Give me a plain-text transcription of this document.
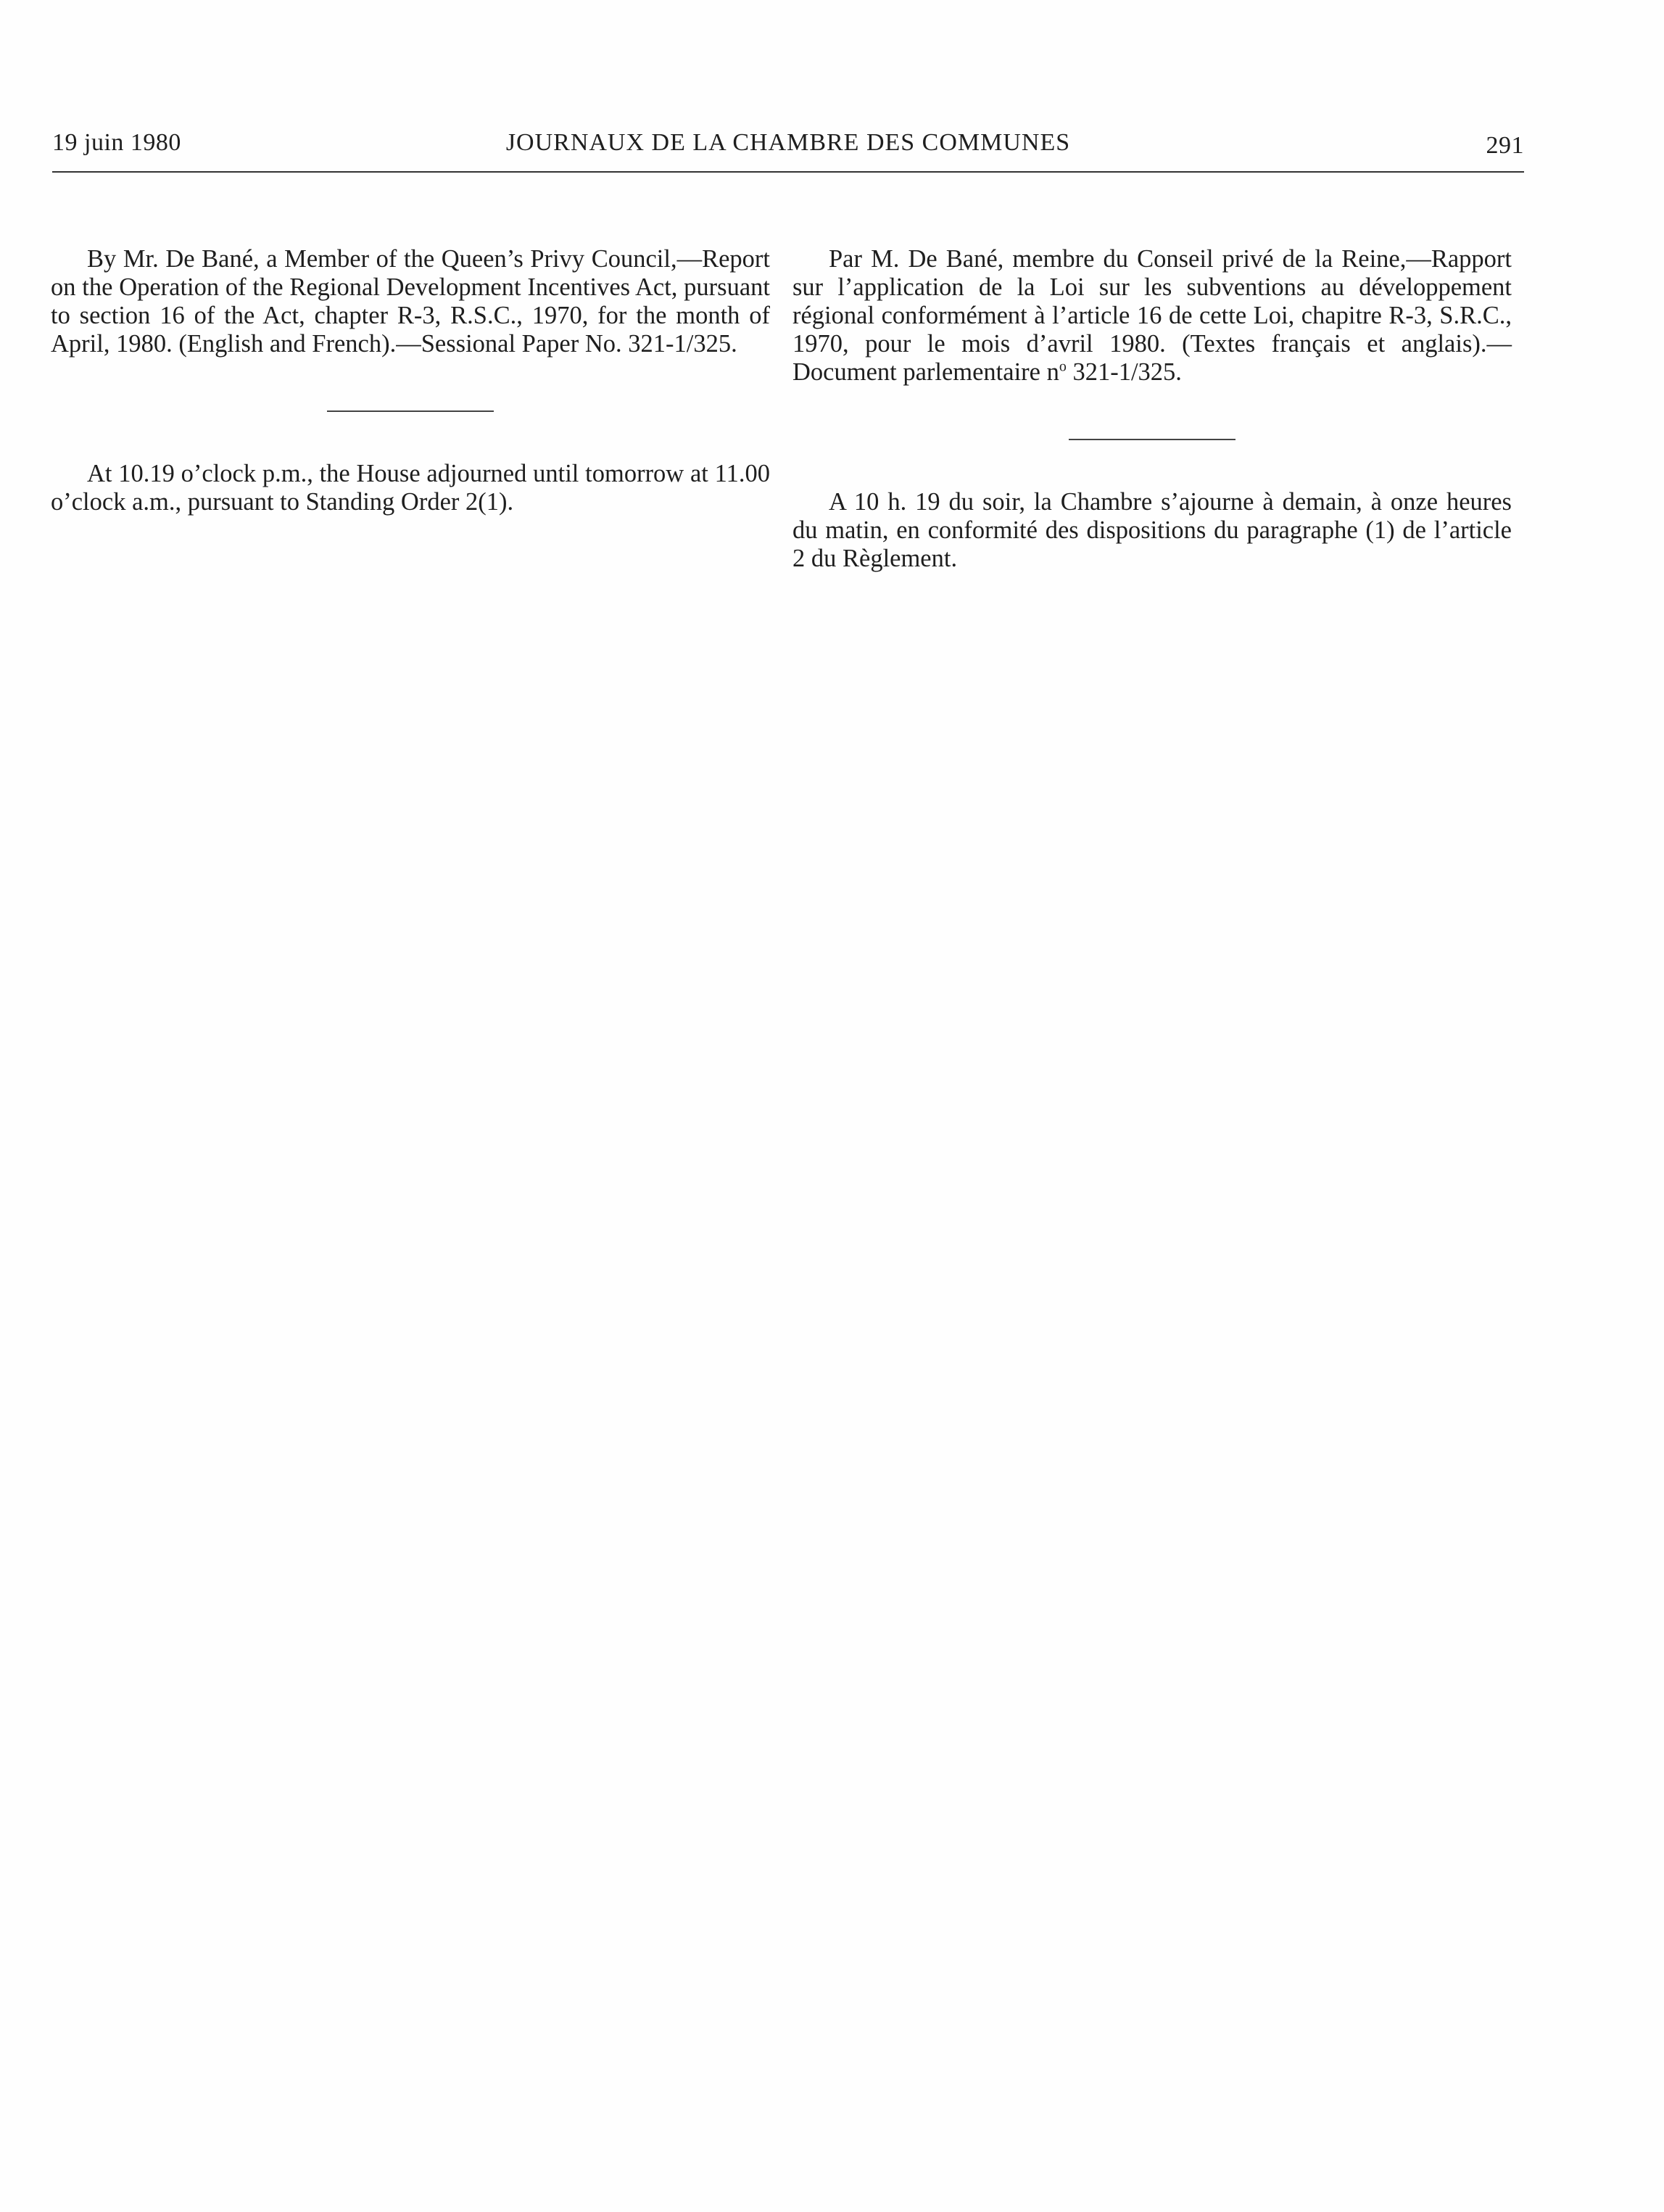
19 juin 1980	JOURNAUX DE LA CHAMBRE DES COMMUNES	291

By Mr. De Bané, a Member of the Queen’s Privy Council,—Report on the Operation of the Regional Development Incentives Act, pursuant to section 16 of the Act, chapter R-3, R.S.C., 1970, for the month of April, 1980. (English and French).—Sessional Paper No. 321-1/325.

At 10.19 o’clock p.m., the House adjourned until tomorrow at 11.00 o’clock a.m., pursuant to Standing Order 2(1).

Par M. De Bané, membre du Conseil privé de la Reine,—Rapport sur l’application de la Loi sur les subventions au développement régional conformément à l’article 16 de cette Loi, chapitre R-3, S.R.C., 1970, pour le mois d’avril 1980. (Textes français et anglais).—Document parlementaire $n^o$ 321-1/325.

A 10 h. 19 du soir, la Chambre s’ajourne à demain, à onze heures du matin, en conformité des dispositions du paragraphe (1) de l’article 2 du Règlement.
